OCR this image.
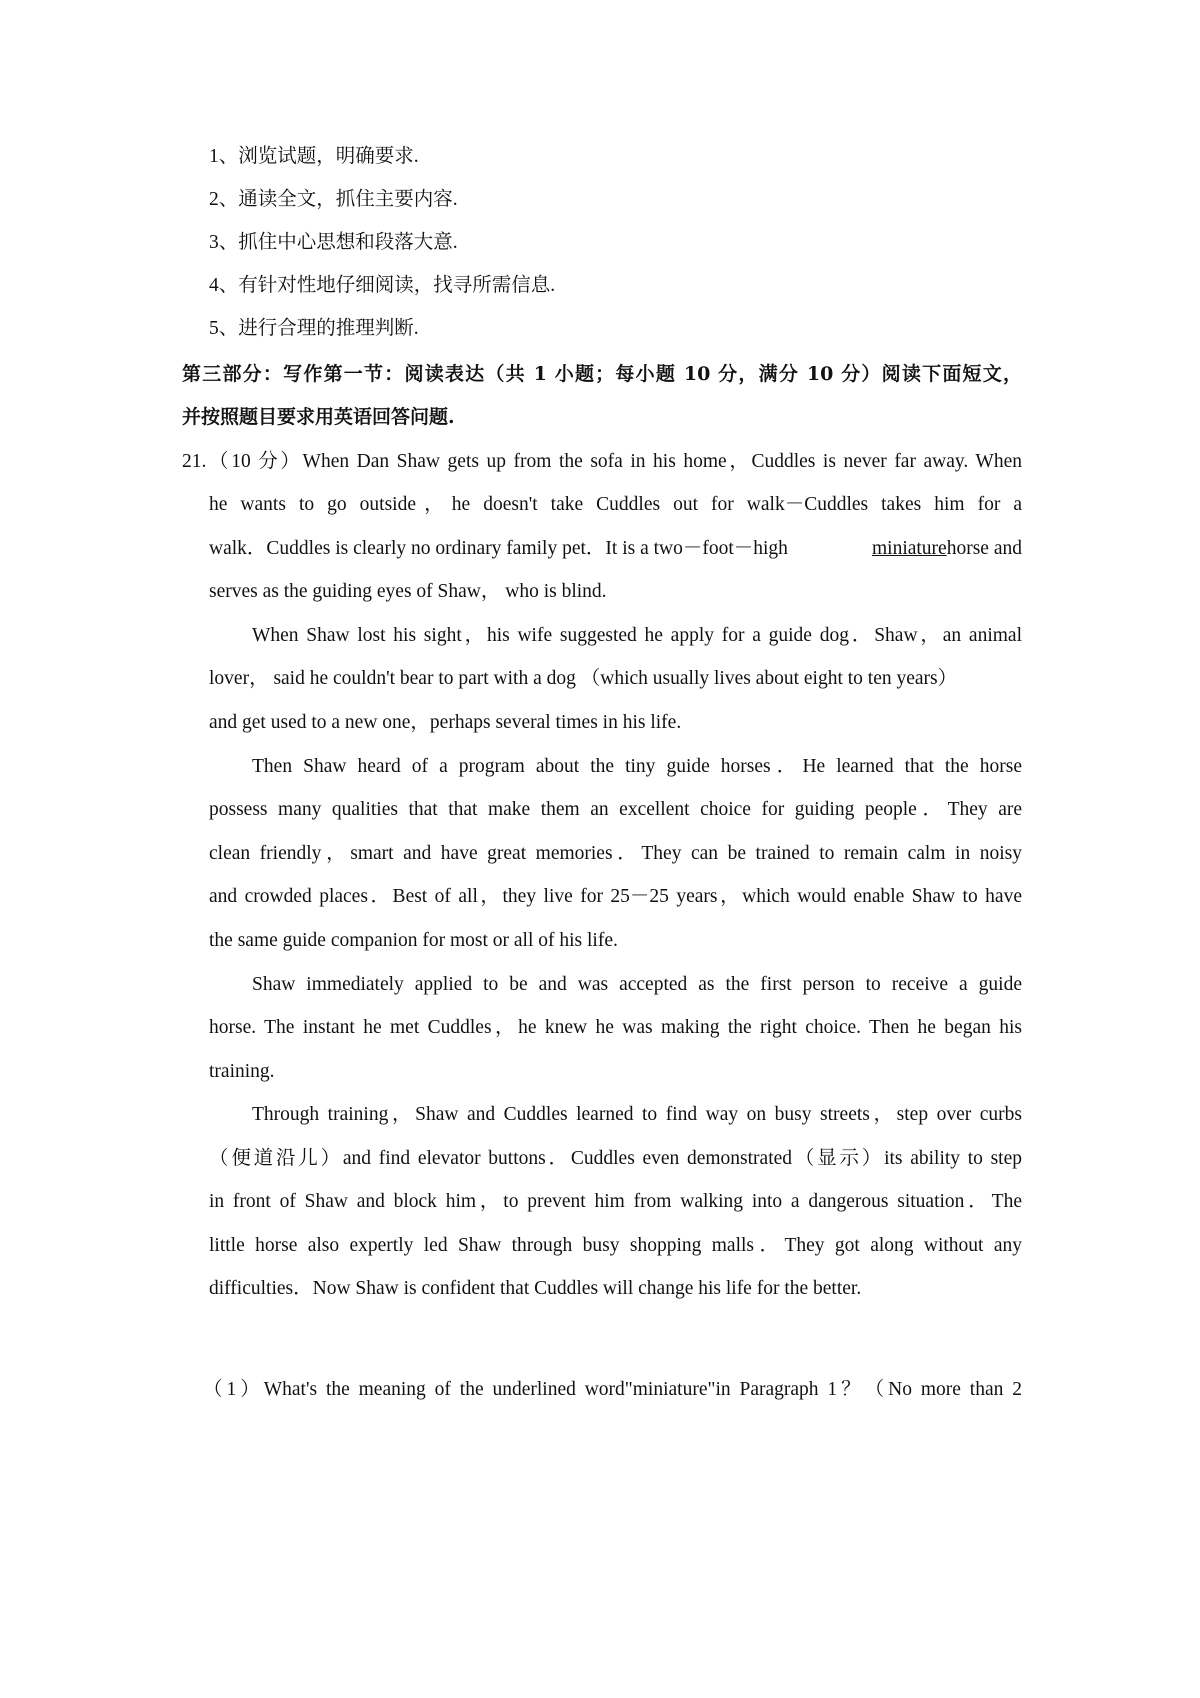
1、浏览试题，明确要求.
2、通读全文，抓住主要内容.
3、抓住中心思想和段落大意.
4、有针对性地仔细阅读，找寻所需信息.
5、进行合理的推理判断.
第三部分：写作第一节：阅读表达（共 1 小题；每小题 10 分，满分 10 分）阅读下面短文，
并按照题目要求用英语回答问题.
21.（10 分）When Dan Shaw gets up from the sofa in his home，Cuddles is never far away. When
he wants to go outside，he doesn't take Cuddles out for walk－Cuddles takes him for a
walk．Cuddles is clearly no ordinary family pet．It is a two－foot－high	miniaturehorse and
serves as the guiding eyes of Shaw， who is blind.
When Shaw lost his sight，his wife suggested he apply for a guide dog．Shaw，an animal
lover， said he couldn't bear to part with a dog （which usually lives about eight to ten years）
and get used to a new one，perhaps several times in his life.
Then Shaw heard of a program about the tiny guide horses．He learned that the horse
possess many qualities that that make them an excellent choice for guiding people．They are
clean friendly，smart and have great memories．They can be trained to remain calm in noisy
and crowded places．Best of all，they live for 25－25 years，which would enable Shaw to have
the same guide companion for most or all of his life.
Shaw immediately applied to be and was accepted as the first person to receive a guide
horse. The instant he met Cuddles，he knew he was making the right choice. Then he began his
training.
Through training，Shaw and Cuddles learned to find way on busy streets，step over curbs
（便道沿儿）and find elevator buttons．Cuddles even demonstrated（显示）its ability to step
in front of Shaw and block him，to prevent him from walking into a dangerous situation．The
little horse also expertly led Shaw through busy shopping malls．They got along without any
difficulties．Now Shaw is confident that Cuddles will change his life for the better.
（1）What's the meaning of the underlined word"miniature"in Paragraph 1？（No more than 2
